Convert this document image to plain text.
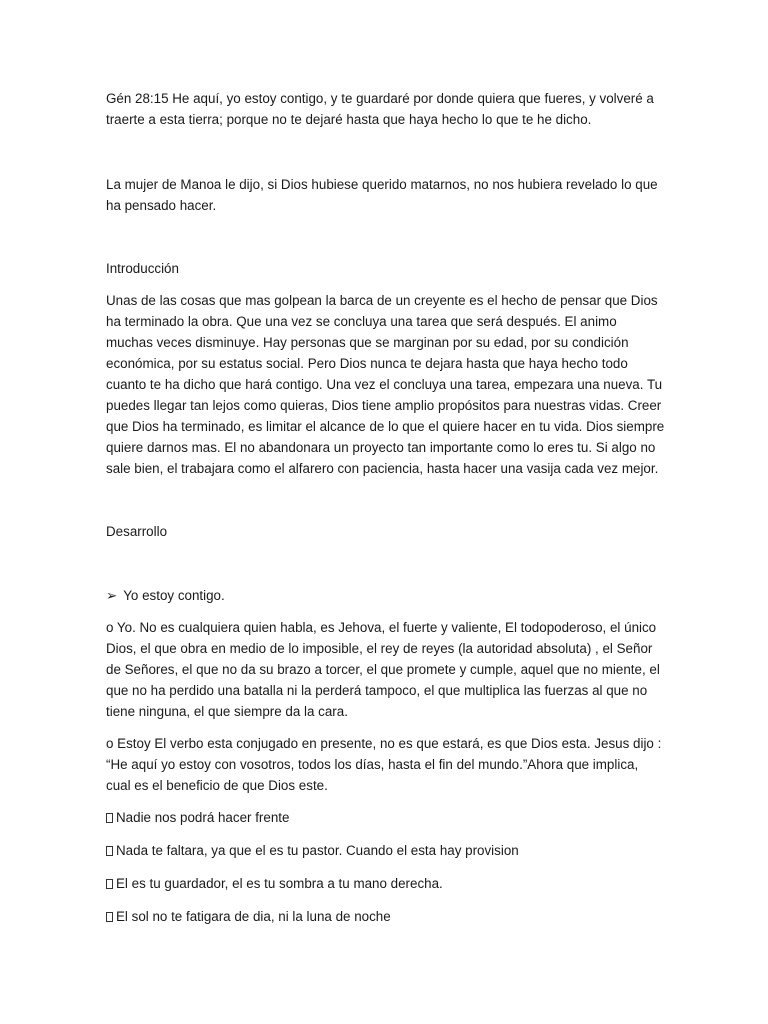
Gén 28:15 He aquí, yo estoy contigo, y te guardaré por donde quiera que fueres, y volveré a traerte a esta tierra; porque no te dejaré hasta que haya hecho lo que te he dicho.

La mujer de Manoa le dijo, si Dios hubiese querido matarnos, no nos hubiera revelado lo que ha pensado hacer.

Introducción

Unas de las cosas que mas golpean la barca de un creyente es el hecho de pensar que Dios ha terminado la obra. Que una vez se concluya una tarea que será después. El animo muchas veces disminuye. Hay personas que se marginan por su edad, por su condición económica, por su estatus social. Pero Dios nunca te dejara hasta que haya hecho todo cuanto te ha dicho que hará contigo. Una vez el concluya una tarea, empezara una nueva. Tu puedes llegar tan lejos como quieras, Dios tiene amplio propósitos para nuestras vidas. Creer que Dios ha terminado, es limitar el alcance de lo que el quiere hacer en tu vida. Dios siempre quiere darnos mas. El no abandonara un proyecto tan importante como lo eres tu. Si algo no sale bien, el trabajara como el alfarero con paciencia, hasta hacer una vasija cada vez mejor.

Desarrollo

➢ Yo estoy contigo.

o Yo. No es cualquiera quien habla, es Jehova, el fuerte y valiente, El todopoderoso, el único Dios, el que obra en medio de lo imposible, el rey de reyes (la autoridad absoluta) , el Señor de Señores, el que no da su brazo a torcer, el que promete y cumple, aquel que no miente, el que no ha perdido una batalla ni la perderá tampoco, el que multiplica las fuerzas al que no tiene ninguna, el que siempre da la cara.

o Estoy El verbo esta conjugado en presente, no es que estará, es que Dios esta. Jesus dijo : “He aquí yo estoy con vosotros, todos los días, hasta el fin del mundo.”Ahora que implica, cual es el beneficio de que Dios este.

Nadie nos podrá hacer frente

Nada te faltara, ya que el es tu pastor. Cuando el esta hay provision

El es tu guardador, el es tu sombra a tu mano derecha.

El sol no te fatigara de dia, ni la luna de noche
